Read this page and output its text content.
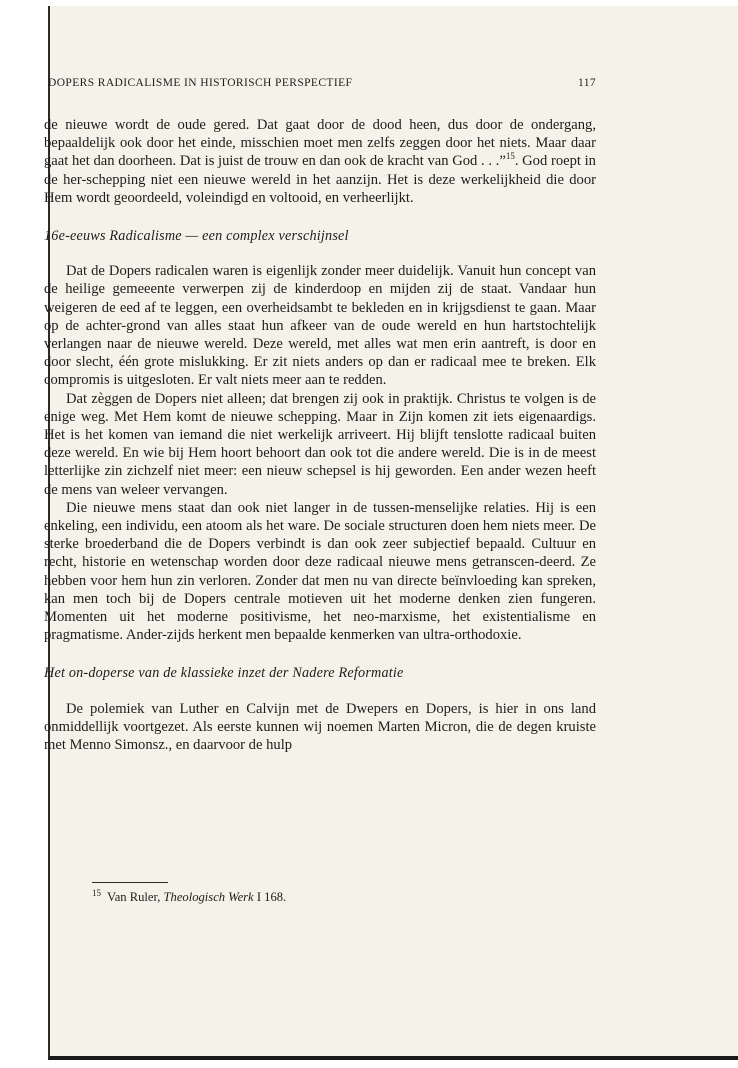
DOPERS RADICALISME IN HISTORISCH PERSPECTIEF	117

de nieuwe wordt de oude gered. Dat gaat door de dood heen, dus door de ondergang, bepaaldelijk ook door het einde, misschien moet men zelfs zeggen door het niets. Maar daar gaat het dan doorheen. Dat is juist de trouw en dan ook de kracht van God . . .”$^{15}$. God roept in de her-schepping niet een nieuwe wereld in het aanzijn. Het is deze werkelijkheid die door Hem wordt geoordeeld, voleindigd en voltooid, en verheerlijkt.

16e-eeuws Radicalisme — een complex verschijnsel

Dat de Dopers radicalen waren is eigenlijk zonder meer duidelijk. Vanuit hun concept van de heilige gemeeente verwerpen zij de kinderdoop en mijden zij de staat. Vandaar hun weigeren de eed af te leggen, een overheidsambt te bekleden en in krijgsdienst te gaan. Maar op de achter-grond van alles staat hun afkeer van de oude wereld en hun hartstochtelijk verlangen naar de nieuwe wereld. Deze wereld, met alles wat men erin aantreft, is door en door slecht, één grote mislukking. Er zit niets anders op dan er radicaal mee te breken. Elk compromis is uitgesloten. Er valt niets meer aan te redden.

Dat zèggen de Dopers niet alleen; dat brengen zij ook in praktijk. Christus te volgen is de enige weg. Met Hem komt de nieuwe schepping. Maar in Zijn komen zit iets eigenaardigs. Het is het komen van iemand die niet werkelijk arriveert. Hij blijft tenslotte radicaal buiten deze wereld. En wie bij Hem hoort behoort dan ook tot die andere wereld. Die is in de meest letterlijke zin zichzelf niet meer: een nieuw schepsel is hij geworden. Een ander wezen heeft de mens van weleer vervangen.

Die nieuwe mens staat dan ook niet langer in de tussen-menselijke relaties. Hij is een enkeling, een individu, een atoom als het ware. De sociale structuren doen hem niets meer. De sterke broederband die de Dopers verbindt is dan ook zeer subjectief bepaald. Cultuur en recht, historie en wetenschap worden door deze radicaal nieuwe mens getranscen-deerd. Ze hebben voor hem hun zin verloren. Zonder dat men nu van directe beïnvloeding kan spreken, kan men toch bij de Dopers centrale motieven uit het moderne denken zien fungeren. Momenten uit het moderne positivisme, het neo-marxisme, het existentialisme en pragmatisme. Ander-zijds herkent men bepaalde kenmerken van ultra-orthodoxie.

Het on-doperse van de klassieke inzet der Nadere Reformatie

De polemiek van Luther en Calvijn met de Dwepers en Dopers, is hier in ons land onmiddellijk voortgezet. Als eerste kunnen wij noemen Marten Micron, die de degen kruiste met Menno Simonsz., en daarvoor de hulp

$^{15}$ Van Ruler, Theologisch Werk I 168.
